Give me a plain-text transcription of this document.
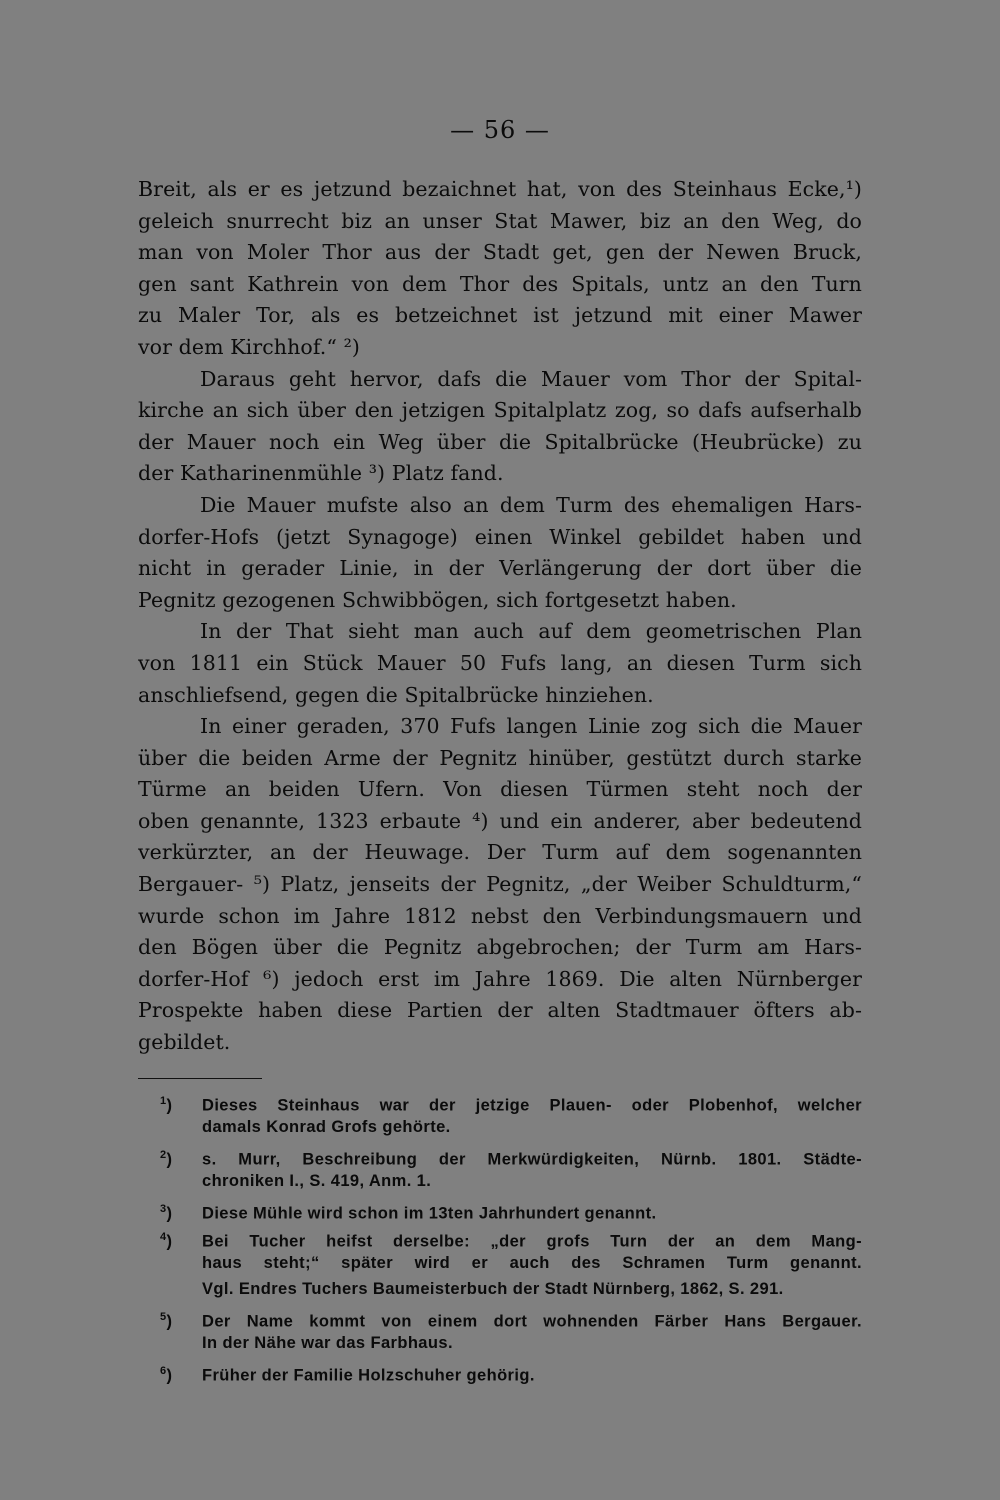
— 56 —
Breit, als er es jetzund bezaichnet hat, von des Steinhaus Ecke,¹)
geleich snurrecht biz an unser Stat Mawer, biz an den Weg, do
man von Moler Thor aus der Stadt get, gen der Newen Bruck,
gen sant Kathrein von dem Thor des Spitals, untz an den Turn
zu Maler Tor, als es betzeichnet ist jetzund mit einer Mawer
vor dem Kirchhof.“ ²)
Daraus geht hervor, dafs die Mauer vom Thor der Spital-
kirche an sich über den jetzigen Spitalplatz zog, so dafs aufserhalb
der Mauer noch ein Weg über die Spitalbrücke (Heubrücke) zu
der Katharinenmühle ³) Platz fand.
Die Mauer mufste also an dem Turm des ehemaligen Hars-
dorfer-Hofs (jetzt Synagoge) einen Winkel gebildet haben und
nicht in gerader Linie, in der Verlängerung der dort über die
Pegnitz gezogenen Schwibbögen, sich fortgesetzt haben.
In der That sieht man auch auf dem geometrischen Plan
von 1811 ein Stück Mauer 50 Fufs lang, an diesen Turm sich
anschliefsend, gegen die Spitalbrücke hinziehen.
In einer geraden, 370 Fufs langen Linie zog sich die Mauer
über die beiden Arme der Pegnitz hinüber, gestützt durch starke
Türme an beiden Ufern. Von diesen Türmen steht noch der
oben genannte, 1323 erbaute ⁴) und ein anderer, aber bedeutend
verkürzter, an der Heuwage. Der Turm auf dem sogenannten
Bergauer- ⁵) Platz, jenseits der Pegnitz, „der Weiber Schuldturm,“
wurde schon im Jahre 1812 nebst den Verbindungsmauern und
den Bögen über die Pegnitz abgebrochen; der Turm am Hars-
dorfer-Hof ⁶) jedoch erst im Jahre 1869. Die alten Nürnberger
Prospekte haben diese Partien der alten Stadtmauer öfters ab-
gebildet.
$^1$) Dieses Steinhaus war der jetzige Plauen- oder Plobenhof, welcher
damals Konrad Grofs gehörte.
$^2$) s. Murr, Beschreibung der Merkwürdigkeiten, Nürnb. 1801. Städte-
chroniken I., S. 419, Anm. 1.
$^3$) Diese Mühle wird schon im 13ten Jahrhundert genannt.
$^4$) Bei Tucher heifst derselbe: „der grofs Turn der an dem Mang-
haus steht;“ später wird er auch des Schramen Turm genannt.
Vgl. Endres Tuchers Baumeisterbuch der Stadt Nürnberg, 1862, S. 291.
$^5$) Der Name kommt von einem dort wohnenden Färber Hans Bergauer.
In der Nähe war das Farbhaus.
$^6$) Früher der Familie Holzschuher gehörig.
